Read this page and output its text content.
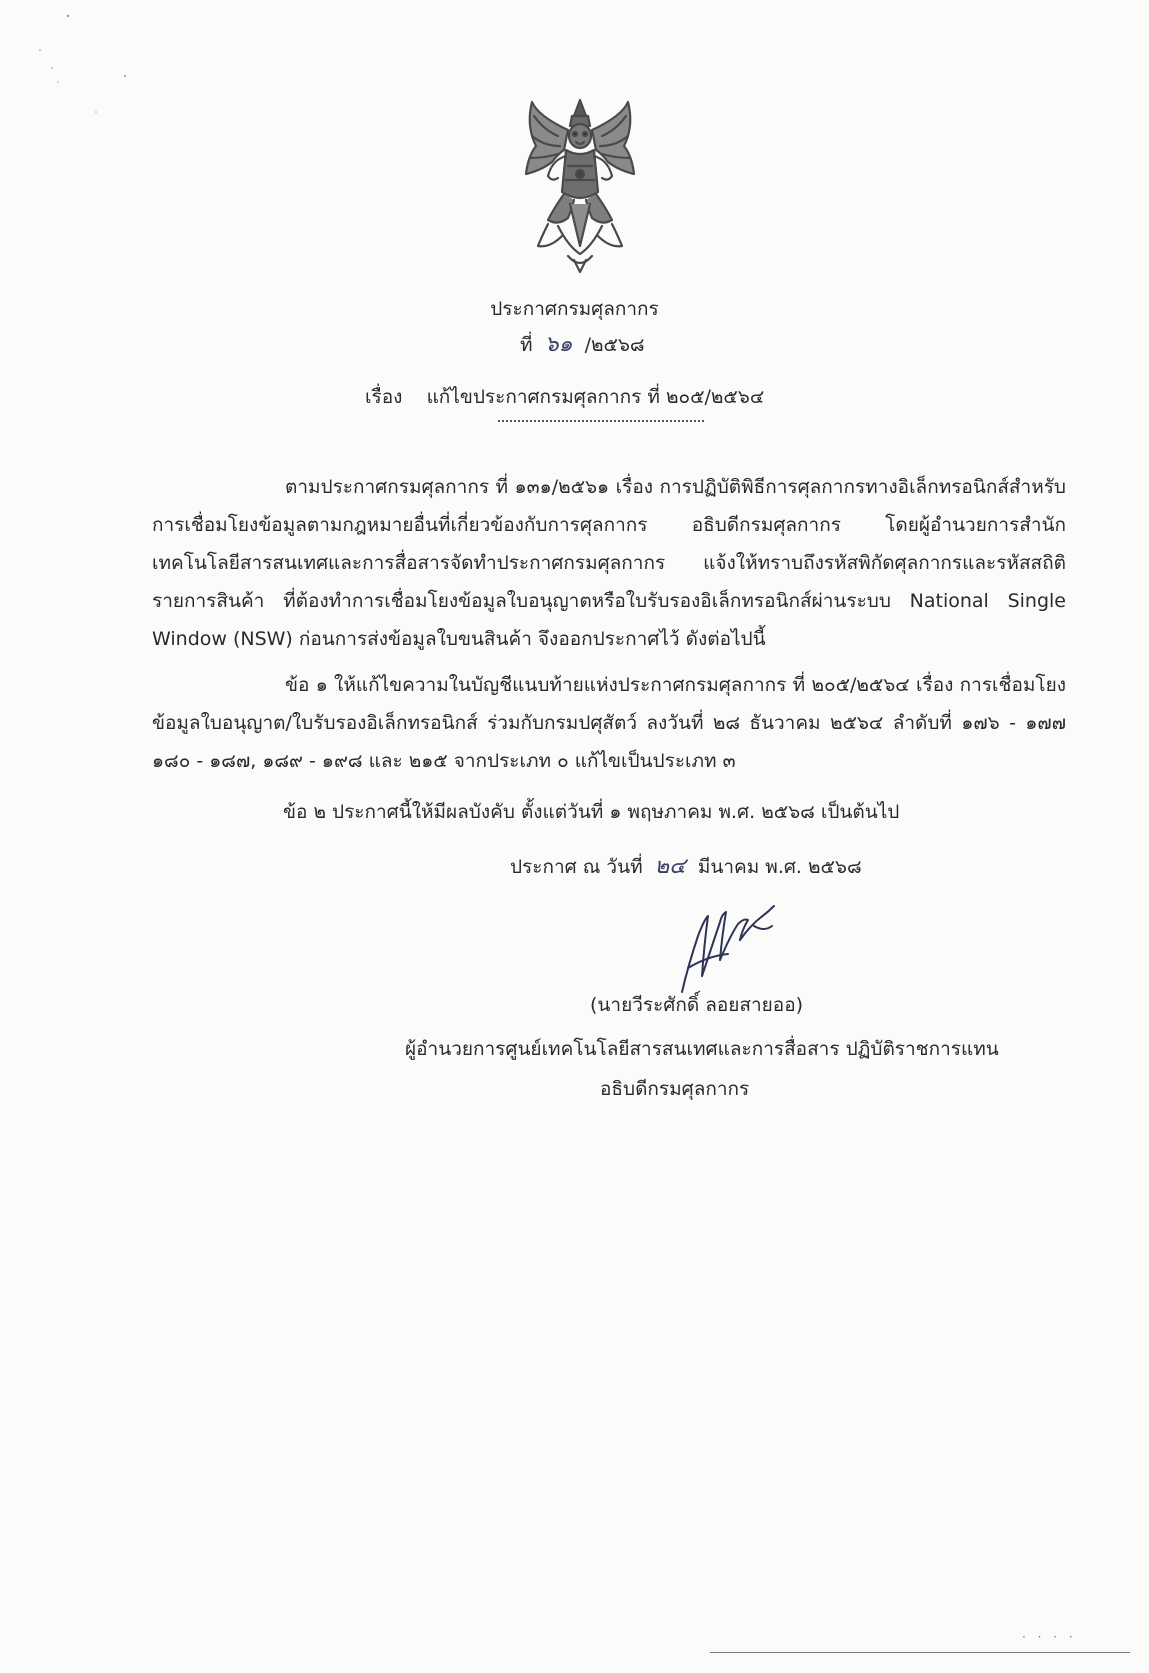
ประกาศกรมศุลกากร
ที่ ๖๑ /๒๕๖๘
เรื่อง แก้ไขประกาศกรมศุลกากร ที่ ๒๐๕/๒๕๖๔

ตามประกาศกรมศุลกากร ที่ ๑๓๑/๒๕๖๑ เรื่อง การปฏิบัติพิธีการศุลกากรทางอิเล็กทรอนิกส์สำหรับการเชื่อมโยงข้อมูลตามกฎหมายอื่นที่เกี่ยวข้องกับการศุลกากร อธิบดีกรมศุลกากร โดยผู้อำนวยการสำนักเทคโนโลยีสารสนเทศและการสื่อสารจัดทำประกาศกรมศุลกากร แจ้งให้ทราบถึงรหัสพิกัดศุลกากรและรหัสสถิติ รายการสินค้า ที่ต้องทำการเชื่อมโยงข้อมูลใบอนุญาตหรือใบรับรองอิเล็กทรอนิกส์ผ่านระบบ National Single Window (NSW) ก่อนการส่งข้อมูลใบขนสินค้า จึงออกประกาศไว้ ดังต่อไปนี้

ข้อ ๑ ให้แก้ไขความในบัญชีแนบท้ายแห่งประกาศกรมศุลกากร ที่ ๒๐๕/๒๕๖๔ เรื่อง การเชื่อมโยงข้อมูลใบอนุญาต/ใบรับรองอิเล็กทรอนิกส์ ร่วมกับกรมปศุสัตว์ ลงวันที่ ๒๘ ธันวาคม ๒๕๖๔ ลำดับที่ ๑๗๖ - ๑๗๗ ๑๘๐ - ๑๘๗, ๑๘๙ - ๑๙๘ และ ๒๑๕ จากประเภท ๐ แก้ไขเป็นประเภท ๓

ข้อ ๒ ประกาศนี้ให้มีผลบังคับ ตั้งแต่วันที่ ๑ พฤษภาคม พ.ศ. ๒๕๖๘ เป็นต้นไป

ประกาศ ณ วันที่ ๒๔ มีนาคม พ.ศ. ๒๕๖๘
(นายวีระศักดิ์ ลอยสายออ)
ผู้อำนวยการศูนย์เทคโนโลยีสารสนเทศและการสื่อสาร ปฏิบัติราชการแทน
อธิบดีกรมศุลกากร
· · · ·
